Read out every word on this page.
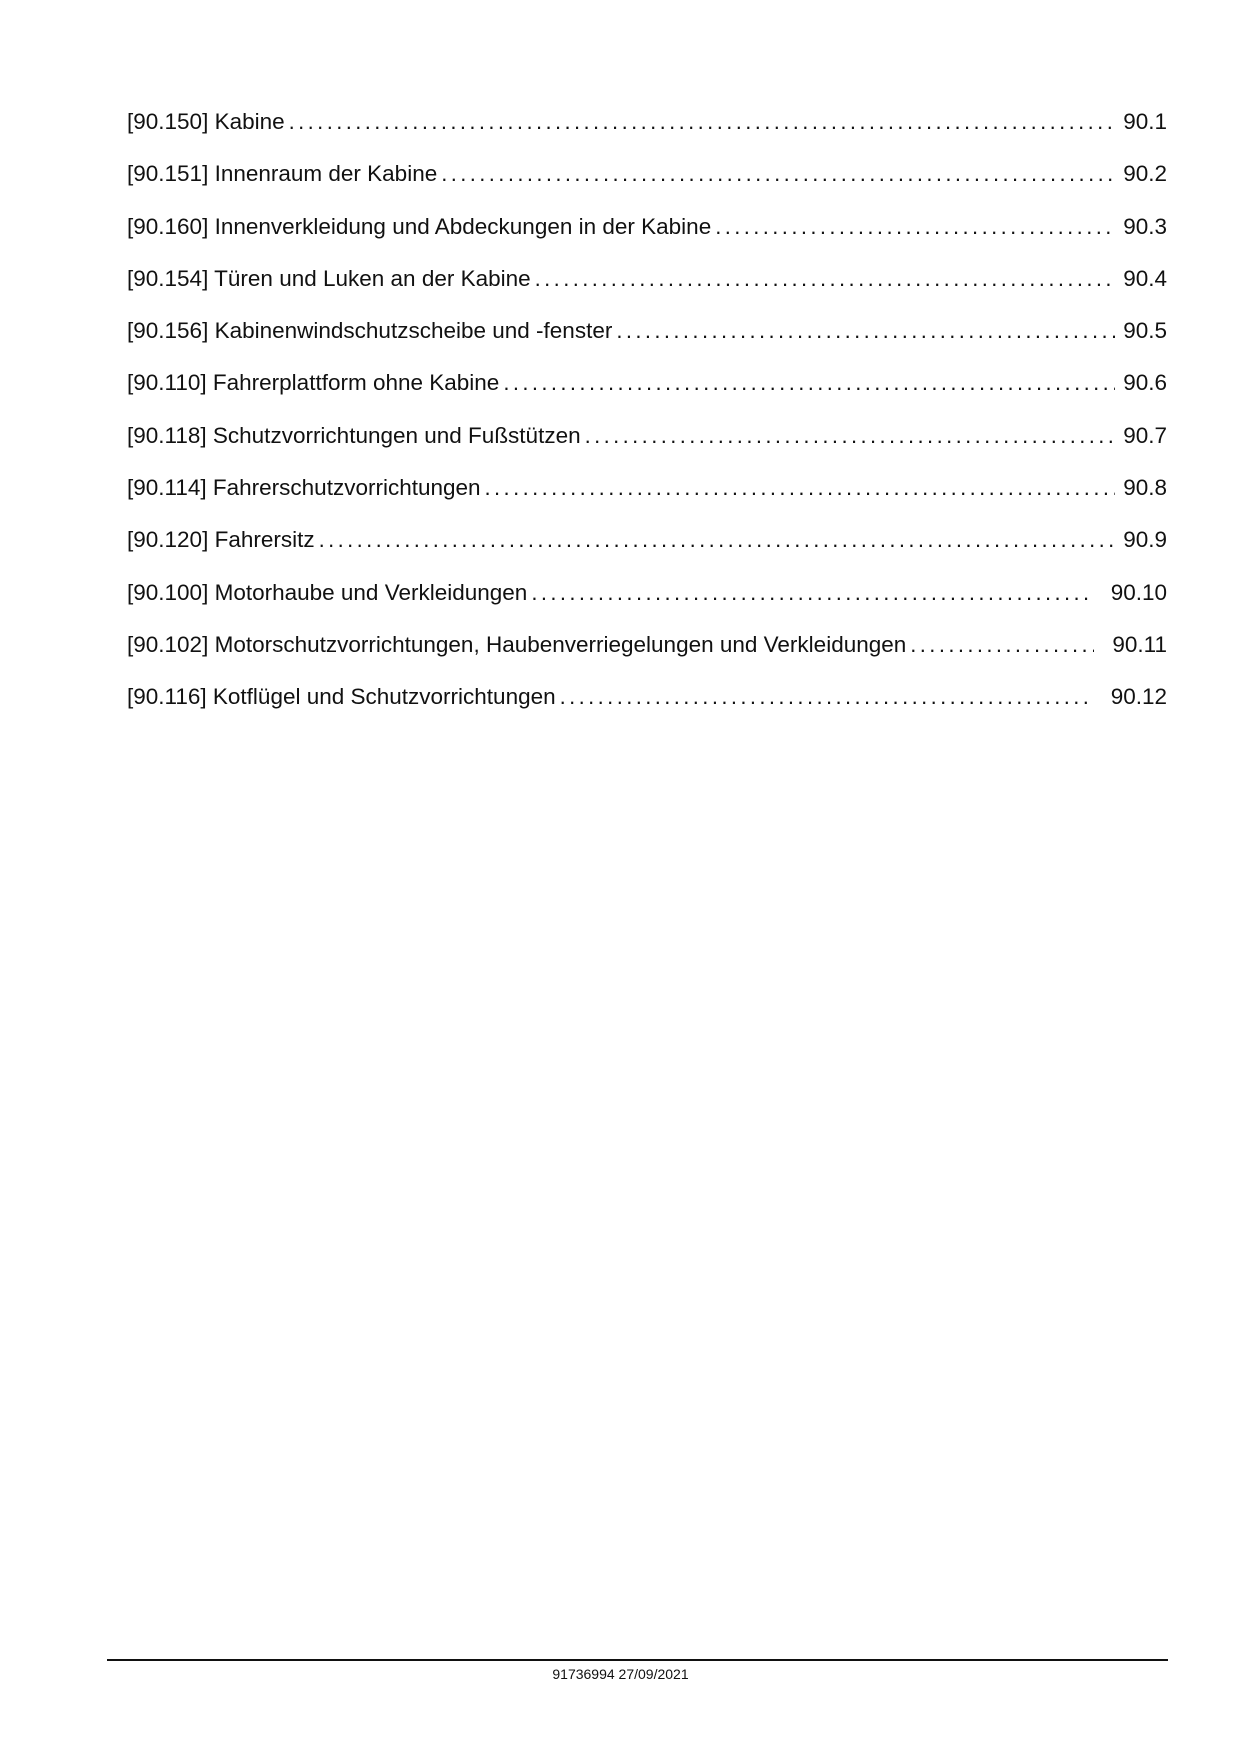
[90.150] Kabine .....	90.1
[90.151] Innenraum der Kabine .....	90.2
[90.160] Innenverkleidung und Abdeckungen in der Kabine .....	90.3
[90.154] Türen und Luken an der Kabine .....	90.4
[90.156] Kabinenwindschutzscheibe und -fenster .....	90.5
[90.110] Fahrerplattform ohne Kabine .....	90.6
[90.118] Schutzvorrichtungen und Fußstützen .....	90.7
[90.114] Fahrerschutzvorrichtungen .....	90.8
[90.120] Fahrersitz .....	90.9
[90.100] Motorhaube und Verkleidungen .....	90.10
[90.102] Motorschutzvorrichtungen, Haubenverriegelungen und Verkleidungen .....	90.11
[90.116] Kotflügel und Schutzvorrichtungen .....	90.12
91736994 27/09/2021
